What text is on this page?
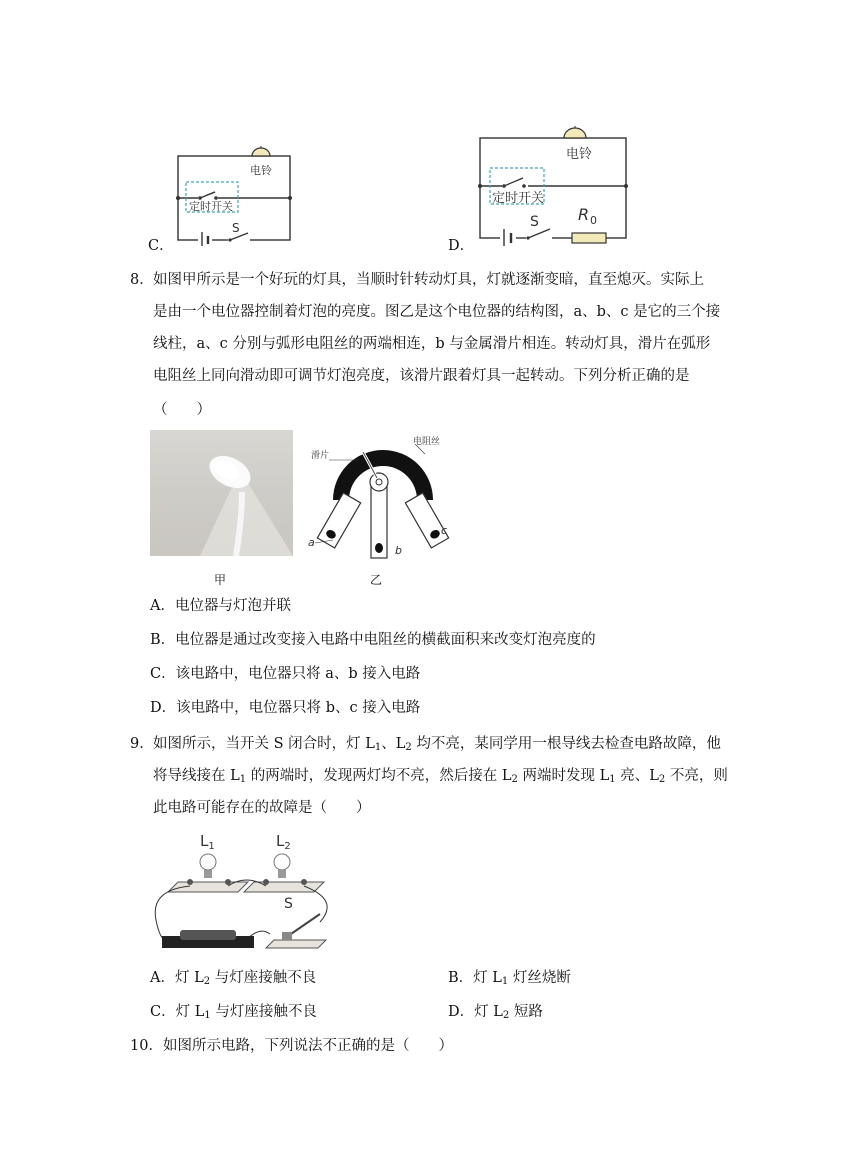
C．
电铃
定时开关
S
D．
电铃
定时开关
S R 0
8． 如图甲所示是一个好玩的灯具，当顺时针转动灯具，灯就逐渐变暗，直至熄灭。实际上
是由一个电位器控制着灯泡的亮度。图乙是这个电位器的结构图，a、b、c 是它的三个接
线柱，a、c 分别与弧形电阻丝的两端相连，b 与金属滑片相连。转动灯具，滑片在弧形
电阻丝上同向滑动即可调节灯泡亮度，该滑片跟着灯具一起转动。下列分析正确的是
（　　）
甲
滑片
电阻丝
a
b
c
乙
A．电位器与灯泡并联
B．电位器是通过改变接入电路中电阻丝的横截面积来改变灯泡亮度的
C．该电路中，电位器只将 a、b 接入电路
D．该电路中，电位器只将 b、c 接入电路
9． 如图所示，当开关 S 闭合时，灯 $L_1$、$L_2$ 均不亮，某同学用一根导线去检查电路故障，他
将导线接在 $L_1$ 的两端时，发现两灯均不亮，然后接在 $L_2$ 两端时发现 $L_1$ 亮、$L_2$ 不亮，则
此电路可能存在的故障是（　　）
$L_1$	$L_2$
S
A．灯 $L_2$ 与灯座接触不良	B．灯 $L_1$ 灯丝烧断
C．灯 $L_1$ 与灯座接触不良	D．灯 $L_2$ 短路
10．如图所示电路，下列说法不正确的是（　　）
